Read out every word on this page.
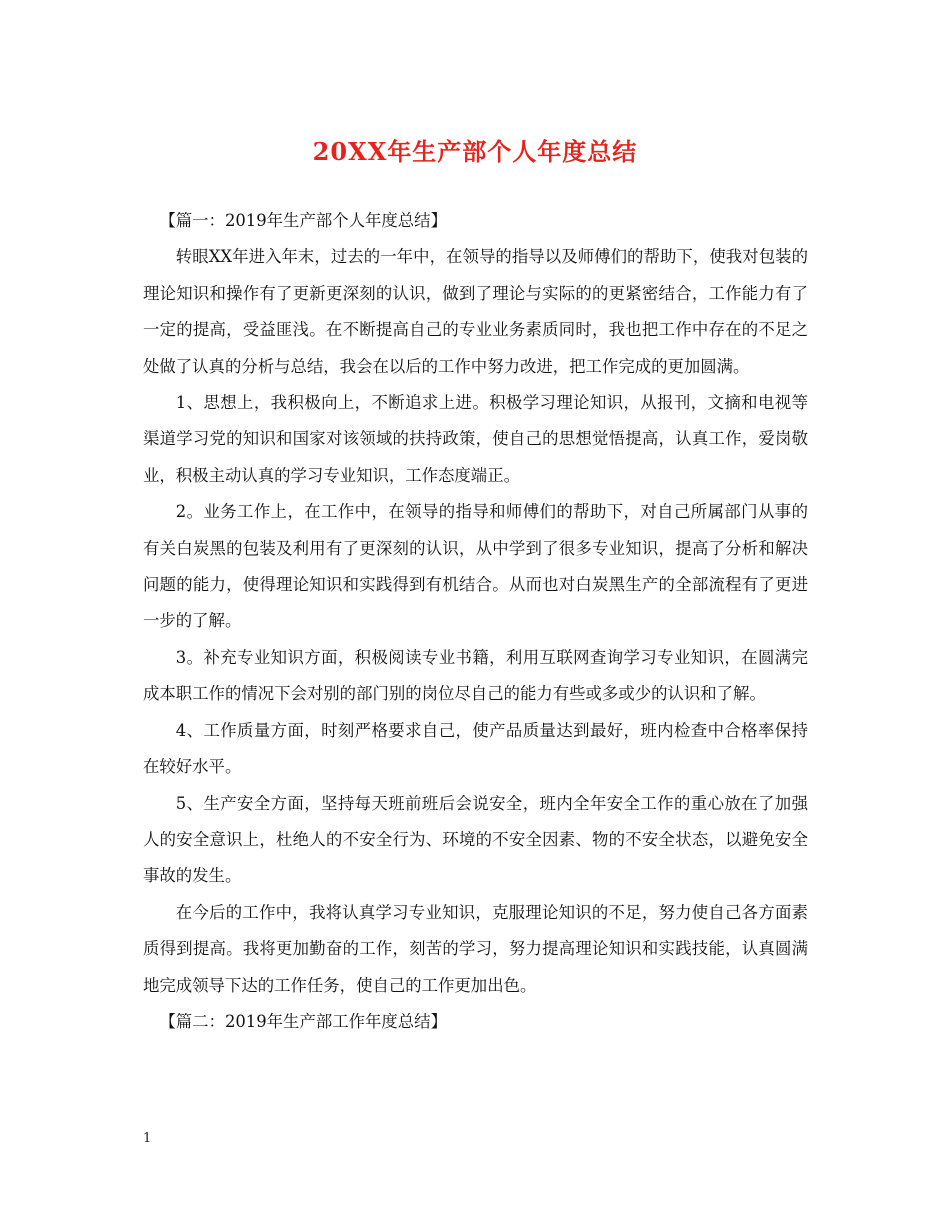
20XX年生产部个人年度总结

【篇一：2019年生产部个人年度总结】

转眼XX年进入年末，过去的一年中，在领导的指导以及师傅们的帮助下，使我对包装的理论知识和操作有了更新更深刻的认识，做到了理论与实际的的更紧密结合，工作能力有了一定的提高，受益匪浅。在不断提高自己的专业业务素质同时，我也把工作中存在的不足之处做了认真的分析与总结，我会在以后的工作中努力改进，把工作完成的更加圆满。

1、思想上，我积极向上，不断追求上进。积极学习理论知识，从报刊，文摘和电视等渠道学习党的知识和国家对该领域的扶持政策，使自己的思想觉悟提高，认真工作，爱岗敬业，积极主动认真的学习专业知识，工作态度端正。

2。业务工作上，在工作中，在领导的指导和师傅们的帮助下，对自己所属部门从事的有关白炭黑的包装及利用有了更深刻的认识，从中学到了很多专业知识，提高了分析和解决问题的能力，使得理论知识和实践得到有机结合。从而也对白炭黑生产的全部流程有了更进一步的了解。

3。补充专业知识方面，积极阅读专业书籍，利用互联网查询学习专业知识，在圆满完成本职工作的情况下会对别的部门别的岗位尽自己的能力有些或多或少的认识和了解。

4、工作质量方面，时刻严格要求自己，使产品质量达到最好，班内检查中合格率保持在较好水平。

5、生产安全方面，坚持每天班前班后会说安全，班内全年安全工作的重心放在了加强人的安全意识上，杜绝人的不安全行为、环境的不安全因素、物的不安全状态，以避免安全事故的发生。

在今后的工作中，我将认真学习专业知识，克服理论知识的不足，努力使自己各方面素质得到提高。我将更加勤奋的工作，刻苦的学习，努力提高理论知识和实践技能，认真圆满地完成领导下达的工作任务，使自己的工作更加出色。

【篇二：2019年生产部工作年度总结】

1
